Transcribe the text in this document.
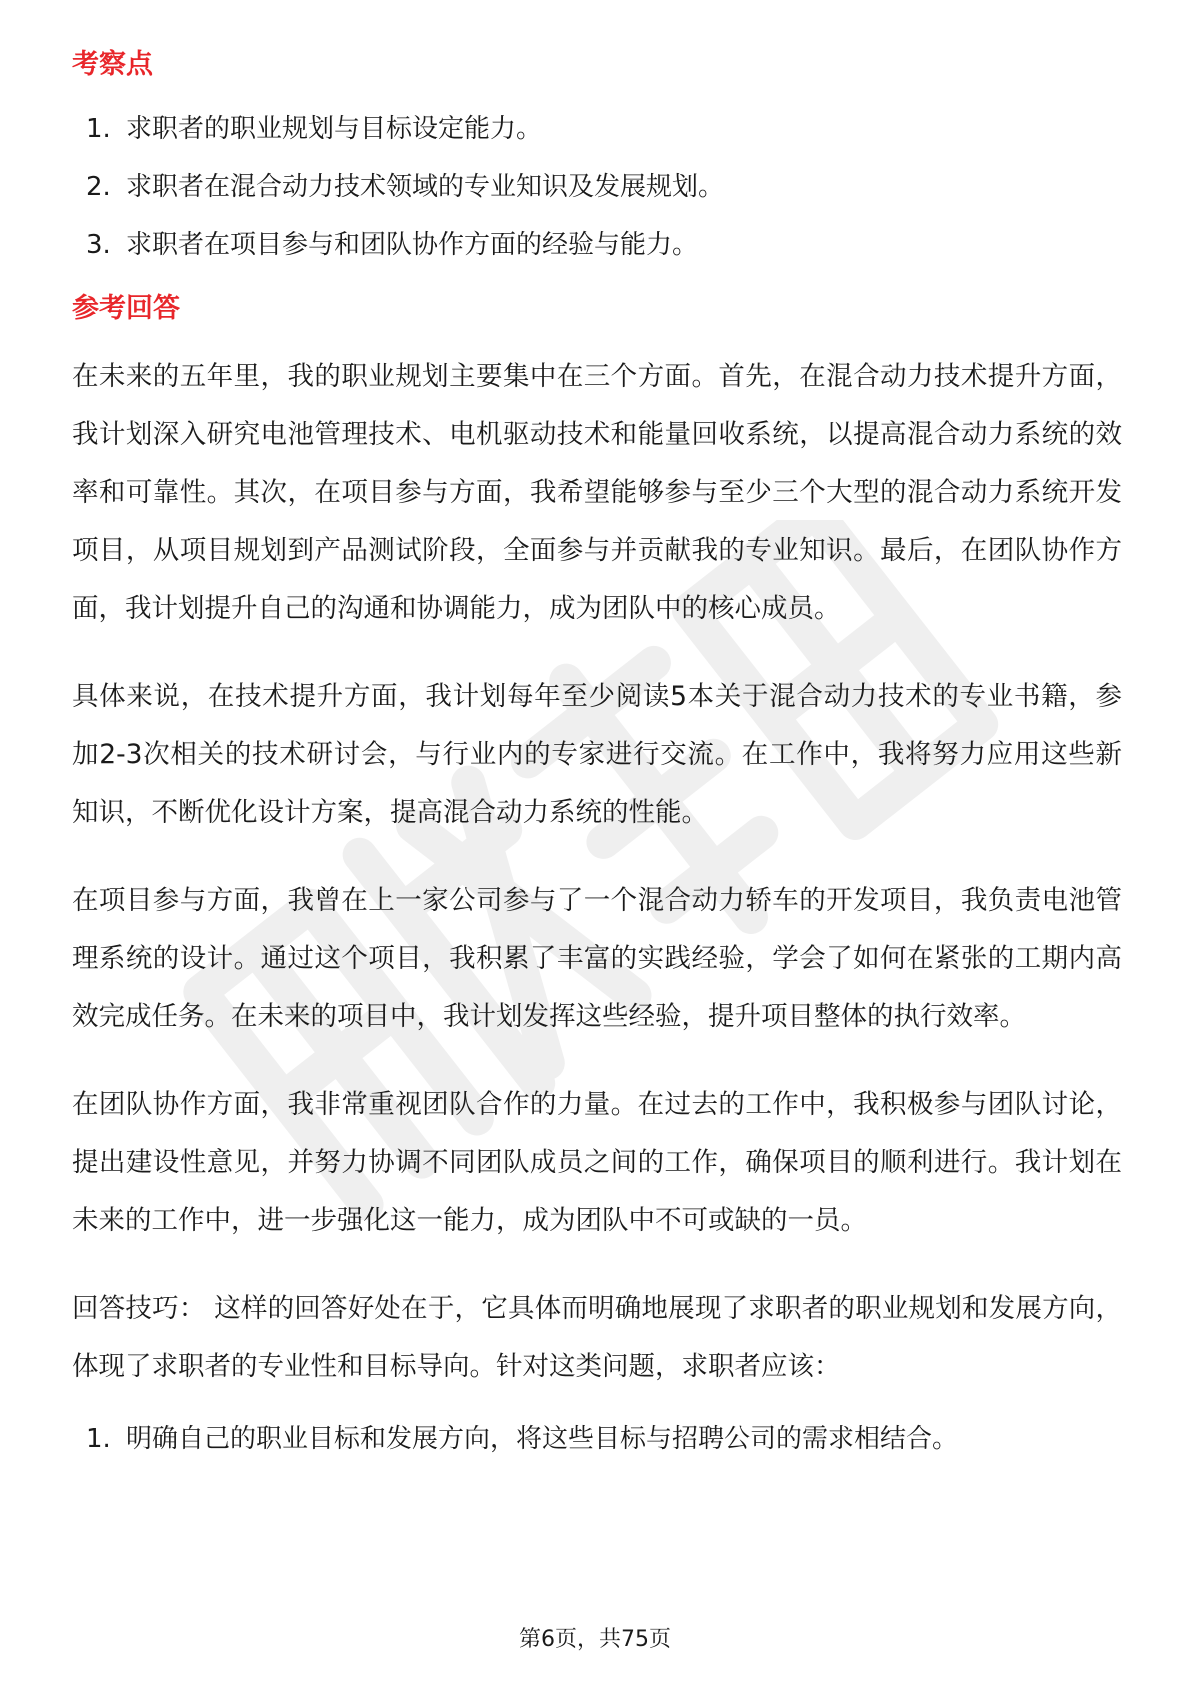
考察点
1. 求职者的职业规划与目标设定能力。
2. 求职者在混合动力技术领域的专业知识及发展规划。
3. 求职者在项目参与和团队协作方面的经验与能力。
参考回答

在未来的五年里，我的职业规划主要集中在三个方面。首先，在混合动力技术提升方面，我计划深入研究电池管理技术、电机驱动技术和能量回收系统，以提高混合动力系统的效率和可靠性。其次，在项目参与方面，我希望能够参与至少三个大型的混合动力系统开发项目，从项目规划到产品测试阶段，全面参与并贡献我的专业知识。最后，在团队协作方面，我计划提升自己的沟通和协调能力，成为团队中的核心成员。

具体来说，在技术提升方面，我计划每年至少阅读5本关于混合动力技术的专业书籍，参加2-3次相关的技术研讨会，与行业内的专家进行交流。在工作中，我将努力应用这些新知识，不断优化设计方案，提高混合动力系统的性能。

在项目参与方面，我曾在上一家公司参与了一个混合动力轿车的开发项目，我负责电池管理系统的设计。通过这个项目，我积累了丰富的实践经验，学会了如何在紧张的工期内高效完成任务。在未来的项目中，我计划发挥这些经验，提升项目整体的执行效率。

在团队协作方面，我非常重视团队合作的力量。在过去的工作中，我积极参与团队讨论，提出建设性意见，并努力协调不同团队成员之间的工作，确保项目的顺利进行。我计划在未来的工作中，进一步强化这一能力，成为团队中不可或缺的一员。

回答技巧： 这样的回答好处在于，它具体而明确地展现了求职者的职业规划和发展方向，体现了求职者的专业性和目标导向。针对这类问题，求职者应该：

1. 明确自己的职业目标和发展方向，将这些目标与招聘公司的需求相结合。
第6页，共75页
